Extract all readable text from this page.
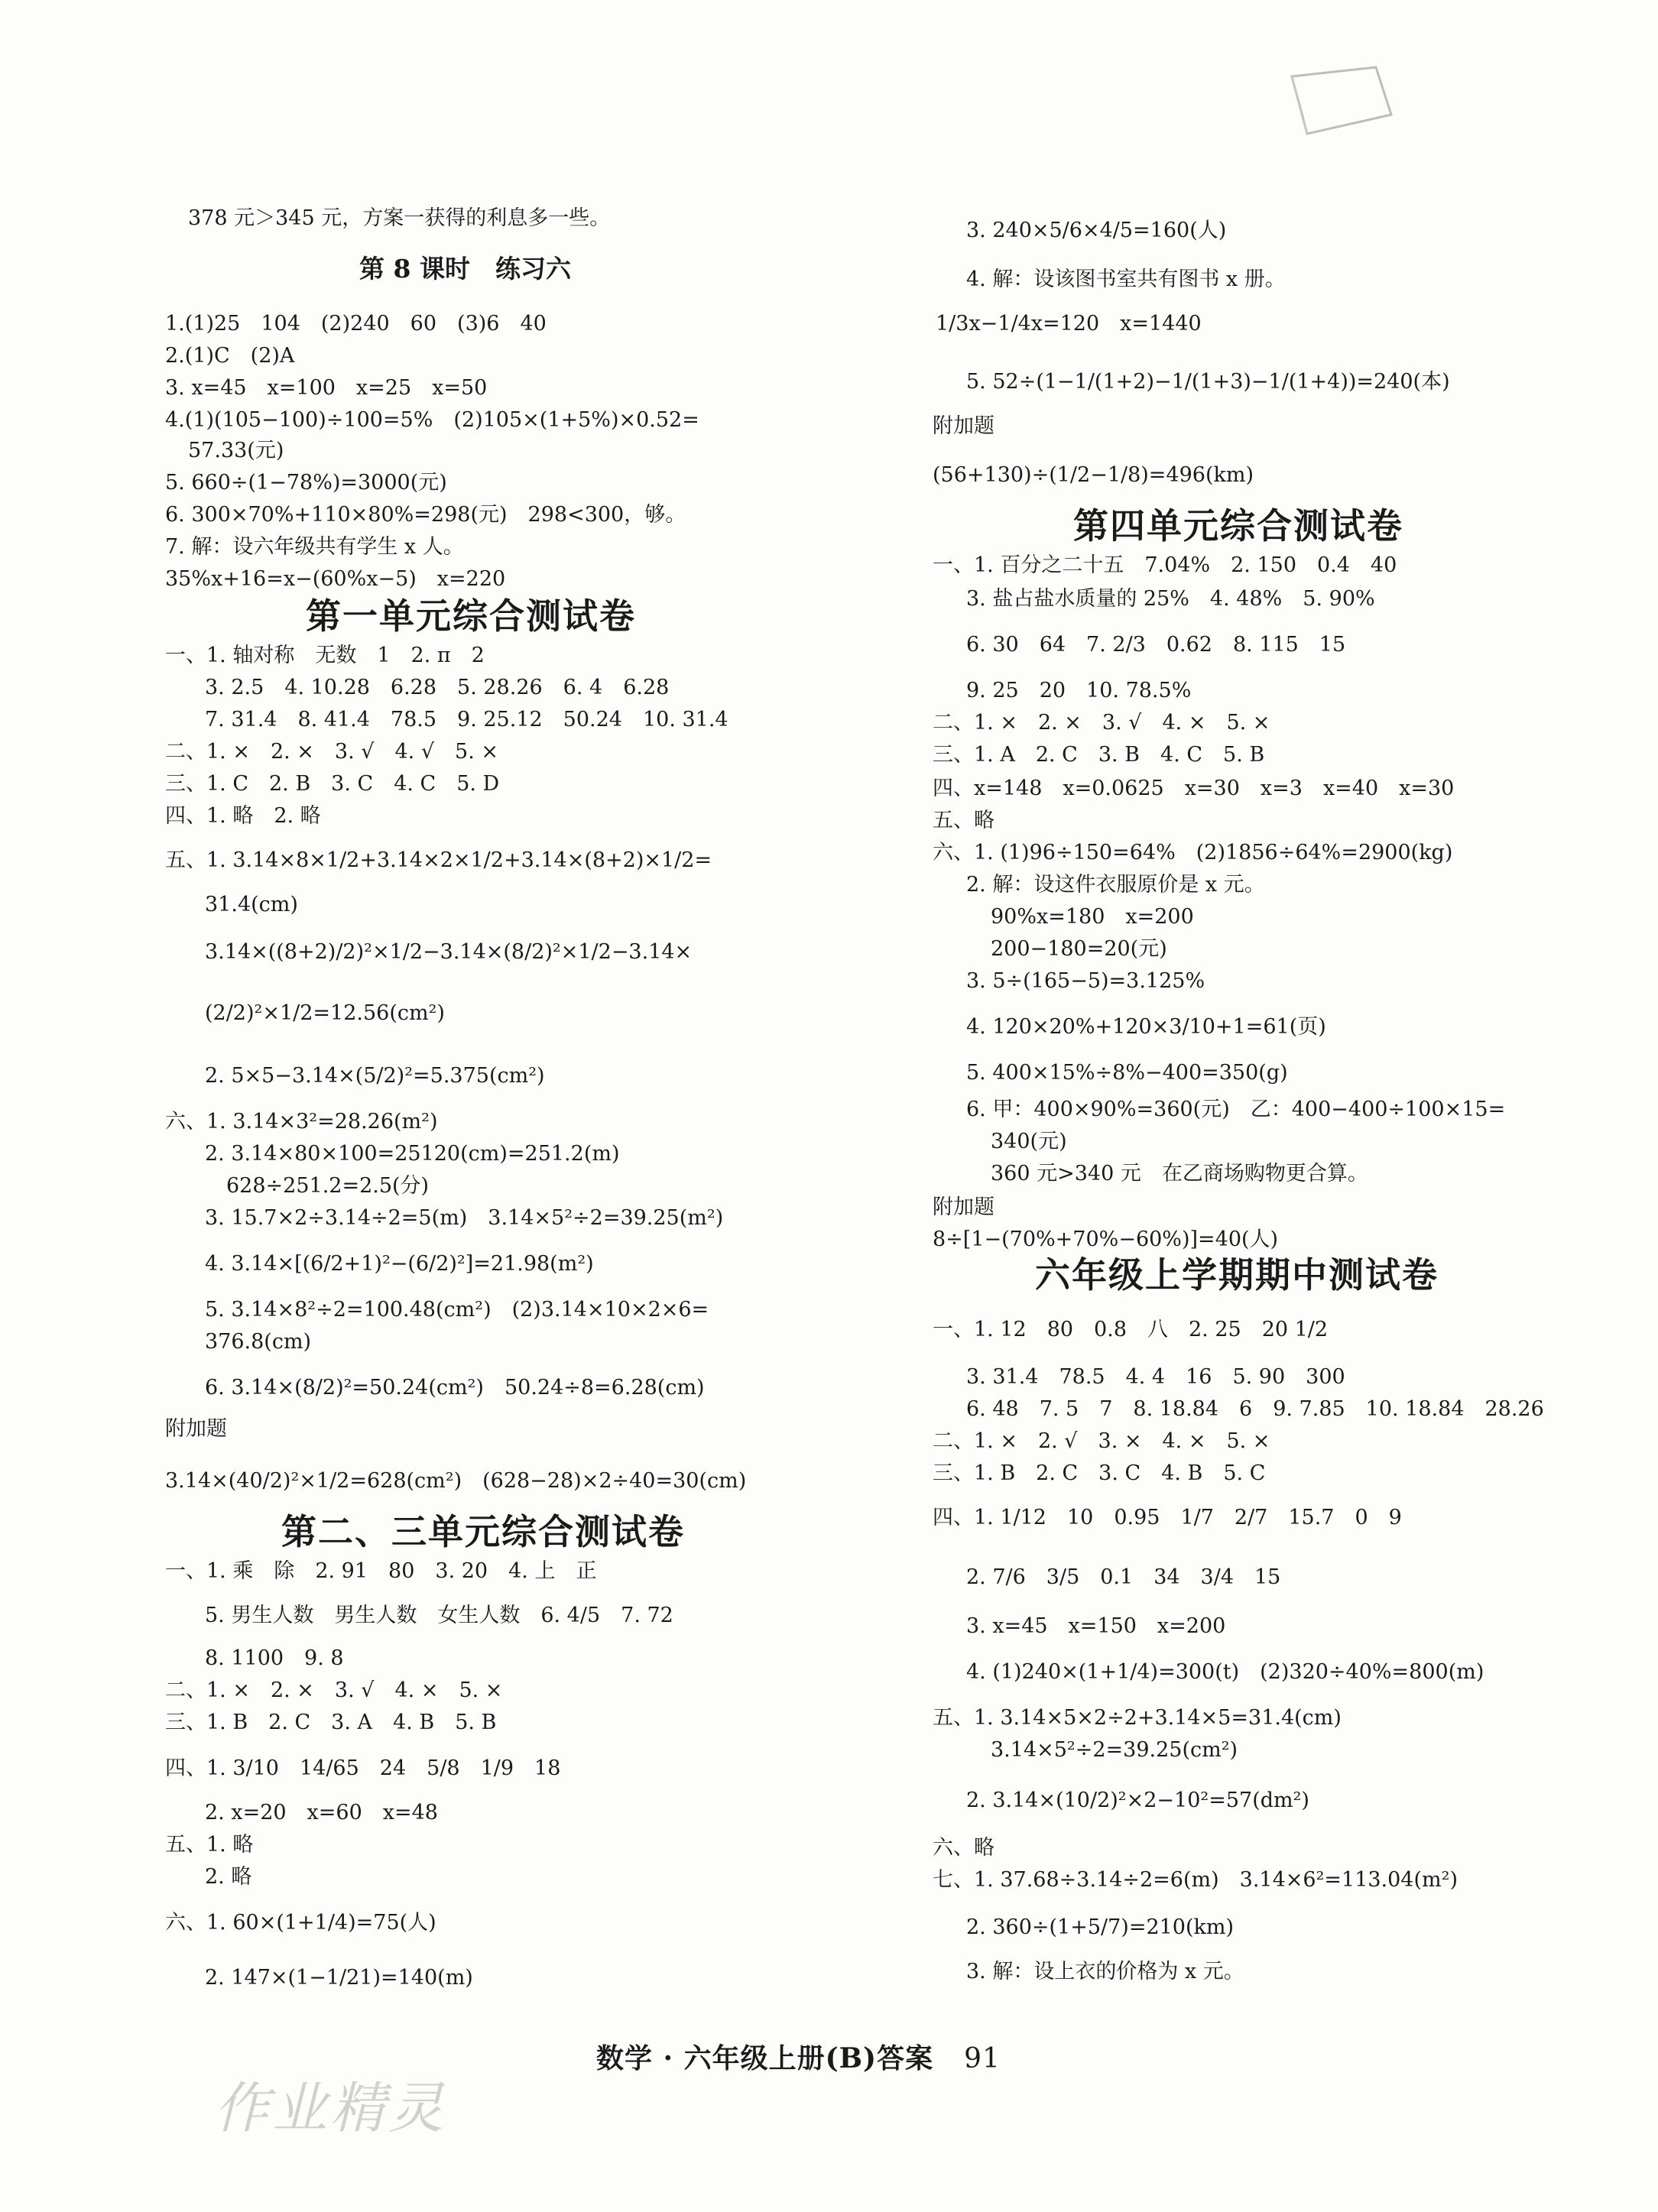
378 元＞345 元，方案一获得的利息多一些。
第 8 课时　练习六
1.(1)25　104　(2)240　60　(3)6　40
2.(1)C　(2)A
3. x=45　x=100　x=25　x=50
4.(1)(105−100)÷100=5%　(2)105×(1+5%)×0.52=
57.33(元)
5. 660÷(1−78%)=3000(元)
6. 300×70%+110×80%=298(元)　298<300，够。
7. 解：设六年级共有学生 x 人。
35%x+16=x−(60%x−5)　x=220
第一单元综合测试卷
一、1. 轴对称　无数　1　2. π　2
3. 2.5　4. 10.28　6.28　5. 28.26　6. 4　6.28
7. 31.4　8. 41.4　78.5　9. 25.12　50.24　10. 31.4
二、1. ×　2. ×　3. √　4. √　5. ×
三、1. C　2. B　3. C　4. C　5. D
四、1. 略　2. 略
五、1. 3.14×8×1/2+3.14×2×1/2+3.14×(8+2)×1/2=
31.4(cm)
3.14×((8+2)/2)²×1/2−3.14×(8/2)²×1/2−3.14×
(2/2)²×1/2=12.56(cm²)
2. 5×5−3.14×(5/2)²=5.375(cm²)
六、1. 3.14×3²=28.26(m²)
2. 3.14×80×100=25120(cm)=251.2(m)
628÷251.2=2.5(分)
3. 15.7×2÷3.14÷2=5(m)　3.14×5²÷2=39.25(m²)
4. 3.14×[(6/2+1)²−(6/2)²]=21.98(m²)
5. 3.14×8²÷2=100.48(cm²)　(2)3.14×10×2×6=
376.8(cm)
6. 3.14×(8/2)²=50.24(cm²)　50.24÷8=6.28(cm)
附加题
3.14×(40/2)²×1/2=628(cm²)　(628−28)×2÷40=30(cm)
第二、三单元综合测试卷
一、1. 乘　除　2. 91　80　3. 20　4. 上　正
5. 男生人数　男生人数　女生人数　6. 4/5　7. 72
8. 1100　9. 8
二、1. ×　2. ×　3. √　4. ×　5. ×
三、1. B　2. C　3. A　4. B　5. B
四、1. 3/10　14/65　24　5/8　1/9　18
2. x=20　x=60　x=48
五、1. 略
2. 略
六、1. 60×(1+1/4)=75(人)
2. 147×(1−1/21)=140(m)
3. 240×5/6×4/5=160(人)
4. 解：设该图书室共有图书 x 册。
1/3x−1/4x=120　x=1440
5. 52÷(1−1/(1+2)−1/(1+3)−1/(1+4))=240(本)
附加题
(56+130)÷(1/2−1/8)=496(km)
第四单元综合测试卷
一、1. 百分之二十五　7.04%　2. 150　0.4　40
3. 盐占盐水质量的 25%　4. 48%　5. 90%
6. 30　64　7. 2/3　0.62　8. 115　15
9. 25　20　10. 78.5%
二、1. ×　2. ×　3. √　4. ×　5. ×
三、1. A　2. C　3. B　4. C　5. B
四、x=148　x=0.0625　x=30　x=3　x=40　x=30
五、略
六、1. (1)96÷150=64%　(2)1856÷64%=2900(kg)
2. 解：设这件衣服原价是 x 元。
90%x=180　x=200
200−180=20(元)
3. 5÷(165−5)=3.125%
4. 120×20%+120×3/10+1=61(页)
5. 400×15%÷8%−400=350(g)
6. 甲：400×90%=360(元)　乙：400−400÷100×15=
340(元)
360 元>340 元　在乙商场购物更合算。
附加题
8÷[1−(70%+70%−60%)]=40(人)
六年级上学期期中测试卷
一、1. 12　80　0.8　八　2. 25　20 1/2
3. 31.4　78.5　4. 4　16　5. 90　300
6. 48　7. 5　7　8. 18.84　6　9. 7.85　10. 18.84　28.26
二、1. ×　2. √　3. ×　4. ×　5. ×
三、1. B　2. C　3. C　4. B　5. C
四、1. 1/12　10　0.95　1/7　2/7　15.7　0　9
2. 7/6　3/5　0.1　34　3/4　15
3. x=45　x=150　x=200
4. (1)240×(1+1/4)=300(t)　(2)320÷40%=800(m)
五、1. 3.14×5×2÷2+3.14×5=31.4(cm)
3.14×5²÷2=39.25(cm²)
2. 3.14×(10/2)²×2−10²=57(dm²)
六、略
七、1. 37.68÷3.14÷2=6(m)　3.14×6²=113.04(m²)
2. 360÷(1+5/7)=210(km)
3. 解：设上衣的价格为 x 元。
作业精灵
数学 · 六年级上册(B)答案 91
